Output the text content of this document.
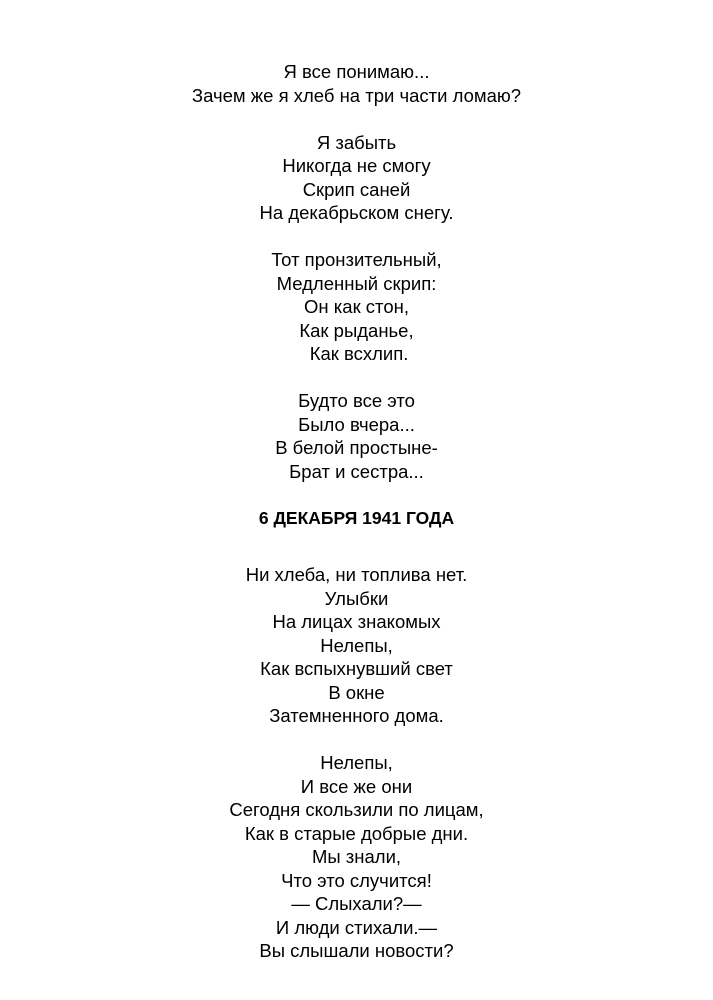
Я все понимаю...
Зачем же я хлеб на три части ломаю?
Я забыть
Никогда не смогу
Скрип саней
На декабрьском снегу.
Тот пронзительный,
Медленный скрип:
Он как стон,
Как рыданье,
Как всхлип.
Будто все это
Было вчера...
В белой простыне-
Брат и сестра...
6 ДЕКАБРЯ 1941 ГОДА
Ни хлеба, ни топлива нет.
Улыбки
На лицах знакомых
Нелепы,
Как вспыхнувший свет
В окне
Затемненного дома.
Нелепы,
И все же они
Сегодня скользили по лицам,
Как в старые добрые дни.
Мы знали,
Что это случится!
— Слыхали?—
И люди стихали.—
Вы слышали новости?
